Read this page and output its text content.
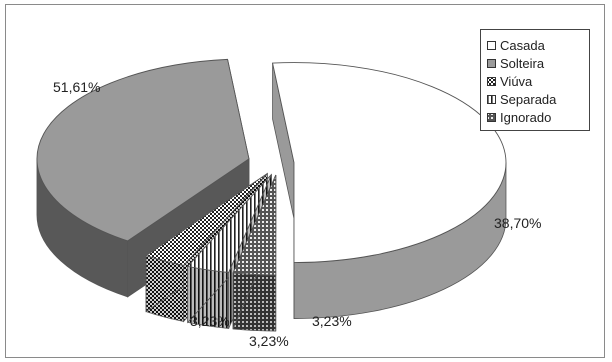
Casada
Solteira
Viúva
Separada
Ignorado
51,61%
38,70%
3,23%
3,23%
3,23%
